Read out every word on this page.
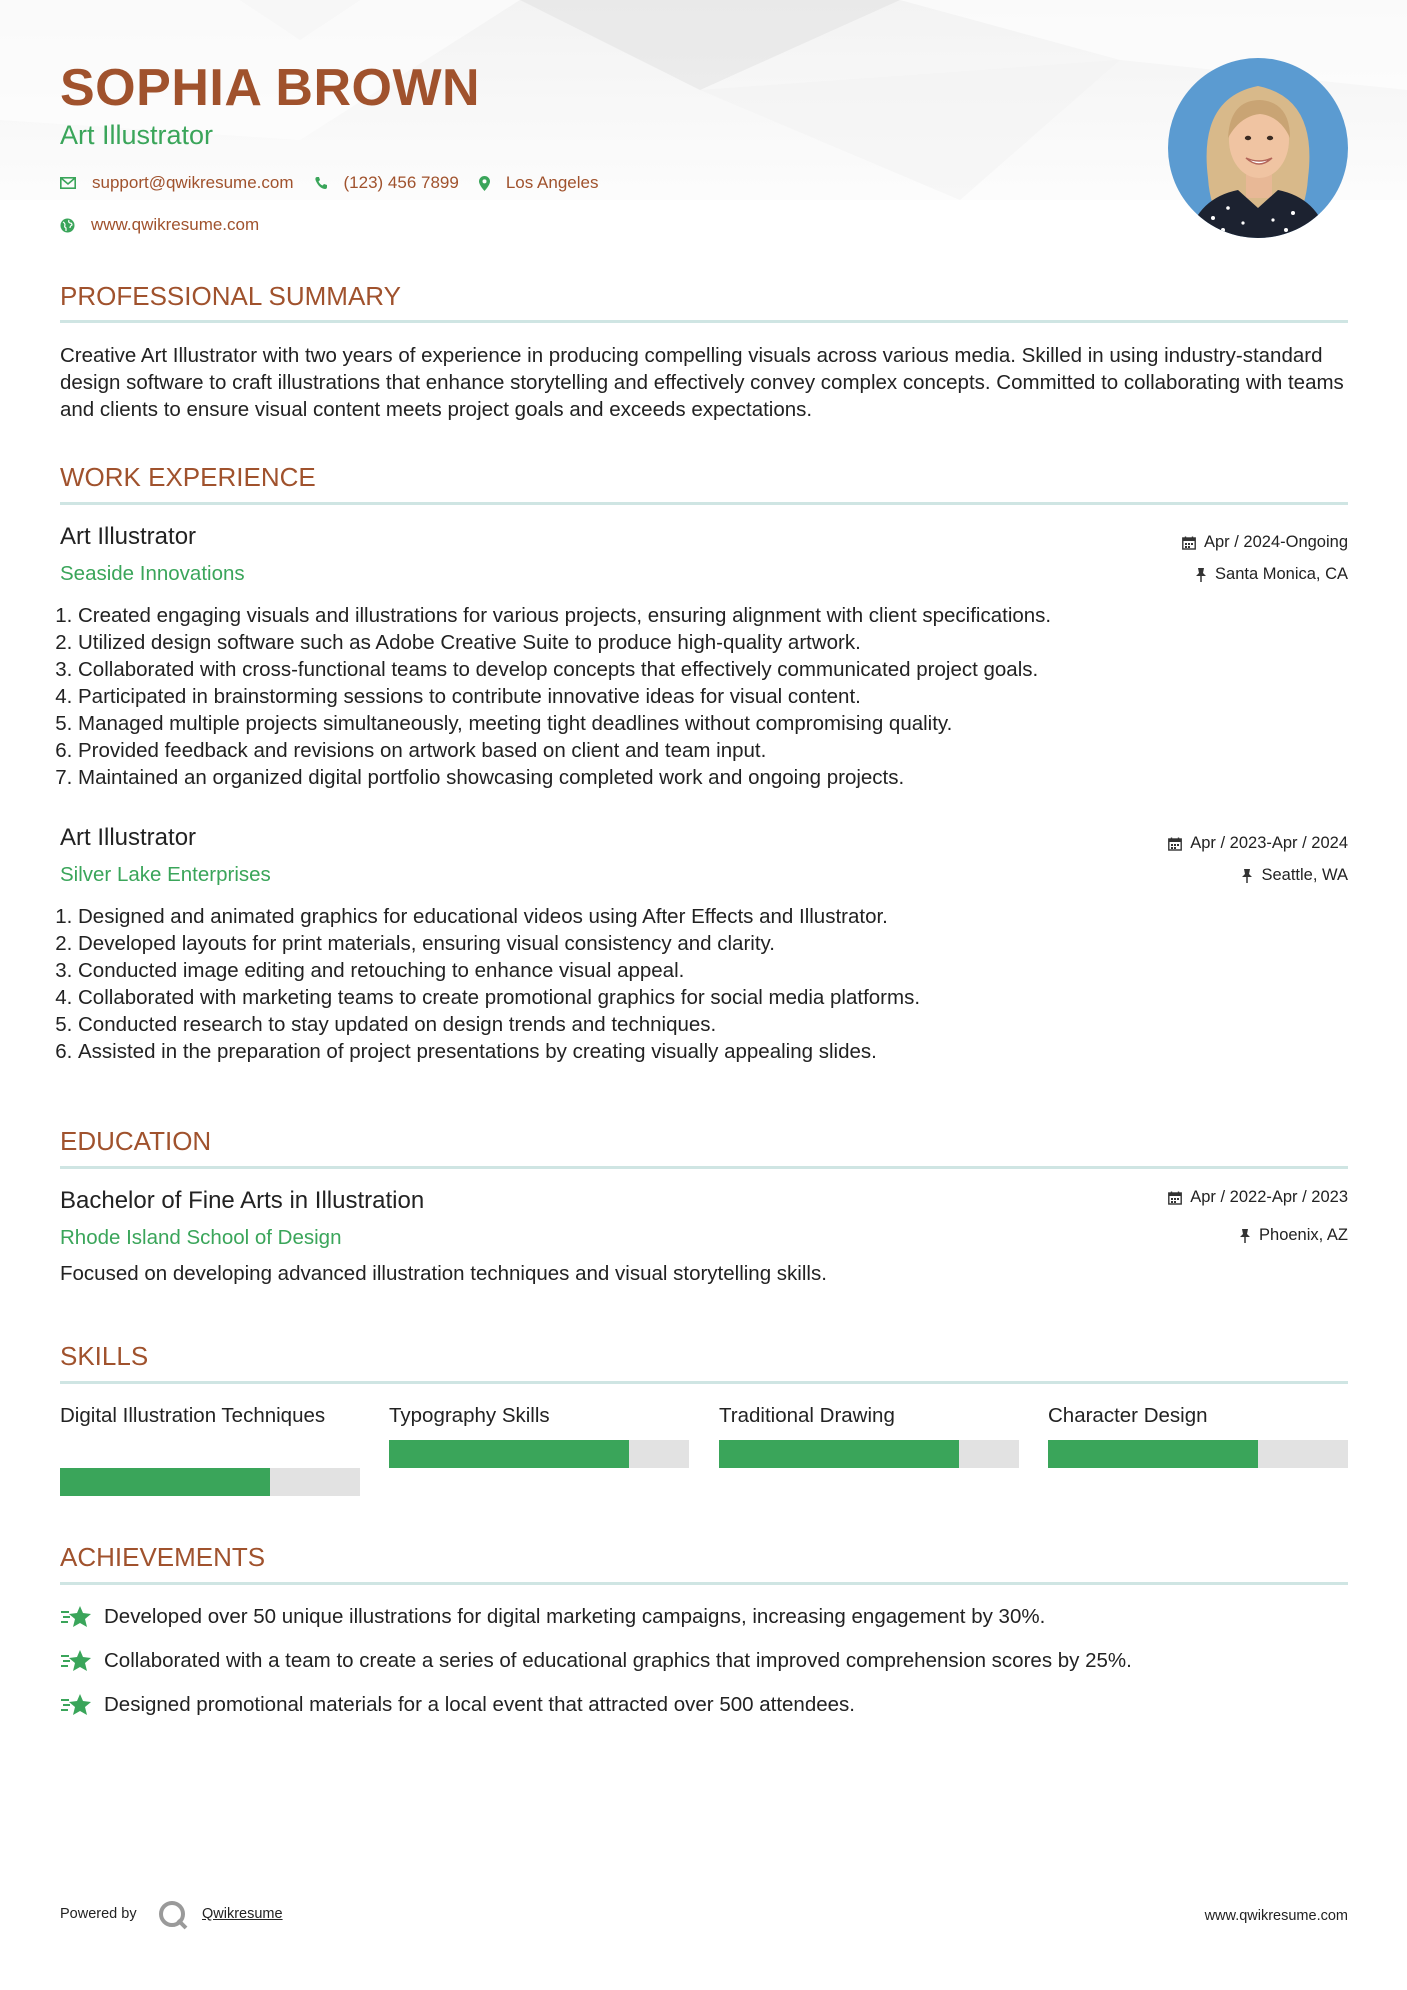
SOPHIA BROWN
Art Illustrator
support@qwikresume.com	(123) 456 7899	Los Angeles
www.qwikresume.com
PROFESSIONAL SUMMARY
Creative Art Illustrator with two years of experience in producing compelling visuals across various media. Skilled in using industry-standard design software to craft illustrations that enhance storytelling and effectively convey complex concepts. Committed to collaborating with teams and clients to ensure visual content meets project goals and exceeds expectations.
WORK EXPERIENCE
Art Illustrator	Apr / 2024-Ongoing
Seaside Innovations	Santa Monica, CA
1. Created engaging visuals and illustrations for various projects, ensuring alignment with client specifications.
2. Utilized design software such as Adobe Creative Suite to produce high-quality artwork.
3. Collaborated with cross-functional teams to develop concepts that effectively communicated project goals.
4. Participated in brainstorming sessions to contribute innovative ideas for visual content.
5. Managed multiple projects simultaneously, meeting tight deadlines without compromising quality.
6. Provided feedback and revisions on artwork based on client and team input.
7. Maintained an organized digital portfolio showcasing completed work and ongoing projects.
Art Illustrator	Apr / 2023-Apr / 2024
Silver Lake Enterprises	Seattle, WA
1. Designed and animated graphics for educational videos using After Effects and Illustrator.
2. Developed layouts for print materials, ensuring visual consistency and clarity.
3. Conducted image editing and retouching to enhance visual appeal.
4. Collaborated with marketing teams to create promotional graphics for social media platforms.
5. Conducted research to stay updated on design trends and techniques.
6. Assisted in the preparation of project presentations by creating visually appealing slides.
EDUCATION
Bachelor of Fine Arts in Illustration	Apr / 2022-Apr / 2023
Rhode Island School of Design	Phoenix, AZ
Focused on developing advanced illustration techniques and visual storytelling skills.
SKILLS
Digital Illustration Techniques	Typography Skills	Traditional Drawing	Character Design
ACHIEVEMENTS
Developed over 50 unique illustrations for digital marketing campaigns, increasing engagement by 30%.
Collaborated with a team to create a series of educational graphics that improved comprehension scores by 25%.
Designed promotional materials for a local event that attracted over 500 attendees.
Powered by	Qwikresume	www.qwikresume.com
